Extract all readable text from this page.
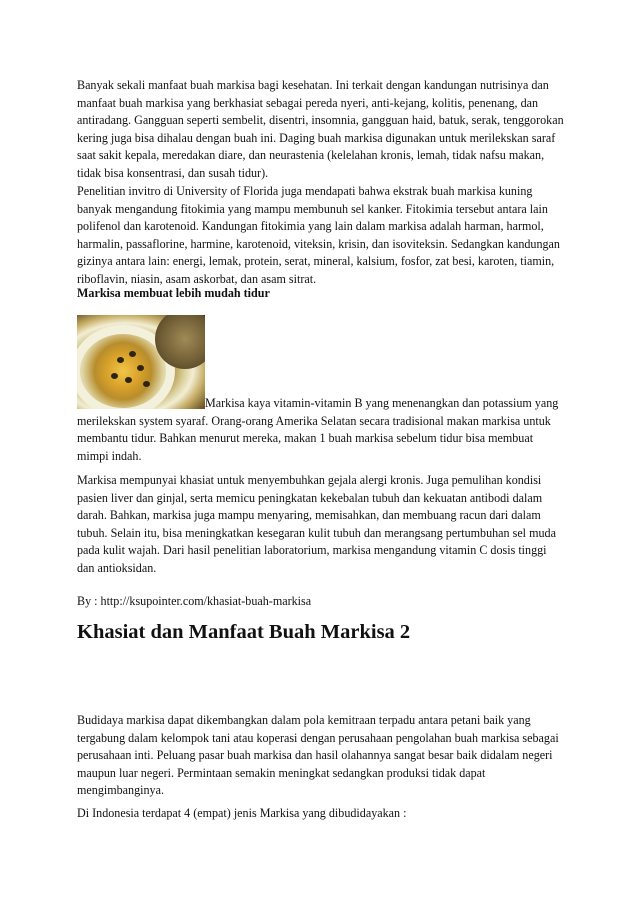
Banyak sekali manfaat buah markisa bagi kesehatan. Ini terkait dengan kandungan nutrisinya dan manfaat buah markisa yang berkhasiat sebagai pereda nyeri, anti-kejang, kolitis, penenang, dan antiradang. Gangguan seperti sembelit, disentri, insomnia, gangguan haid, batuk, serak, tenggorokan kering juga bisa dihalau dengan buah ini. Daging buah markisa digunakan untuk merilekskan saraf saat sakit kepala, meredakan diare, dan neurastenia (kelelahan kronis, lemah, tidak nafsu makan, tidak bisa konsentrasi, dan susah tidur).

Penelitian invitro di University of Florida juga mendapati bahwa ekstrak buah markisa kuning banyak mengandung fitokimia yang mampu membunuh sel kanker. Fitokimia tersebut antara lain polifenol dan karotenoid. Kandungan fitokimia yang lain dalam markisa adalah harman, harmol, harmalin, passaflorine, harmine, karotenoid, viteksin, krisin, dan isoviteksin. Sedangkan kandungan gizinya antara lain: energi, lemak, protein, serat, mineral, kalsium, fosfor, zat besi, karoten, tiamin, riboflavin, niasin, asam askorbat, dan asam sitrat.

Markisa membuat lebih mudah tidur

Markisa kaya vitamin-vitamin B yang menenangkan dan potassium yang merilekskan system syaraf. Orang-orang Amerika Selatan secara tradisional makan markisa untuk membantu tidur. Bahkan menurut mereka, makan 1 buah markisa sebelum tidur bisa membuat mimpi indah.

Markisa mempunyai khasiat untuk menyembuhkan gejala alergi kronis. Juga pemulihan kondisi pasien liver dan ginjal, serta memicu peningkatan kekebalan tubuh dan kekuatan antibodi dalam darah. Bahkan, markisa juga mampu menyaring, memisahkan, dan membuang racun dari dalam tubuh. Selain itu, bisa meningkatkan kesegaran kulit tubuh dan merangsang pertumbuhan sel muda pada kulit wajah. Dari hasil penelitian laboratorium, markisa mengandung vitamin C dosis tinggi dan antioksidan.

By : http://ksupointer.com/khasiat-buah-markisa

Khasiat dan Manfaat Buah Markisa 2

Budidaya markisa dapat dikembangkan dalam pola kemitraan terpadu antara petani baik yang tergabung dalam kelompok tani atau koperasi dengan perusahaan pengolahan buah markisa sebagai perusahaan inti. Peluang pasar buah markisa dan hasil olahannya sangat besar baik didalam negeri maupun luar negeri. Permintaan semakin meningkat sedangkan produksi tidak dapat mengimbanginya.

Di Indonesia terdapat 4 (empat) jenis Markisa yang dibudidayakan :
